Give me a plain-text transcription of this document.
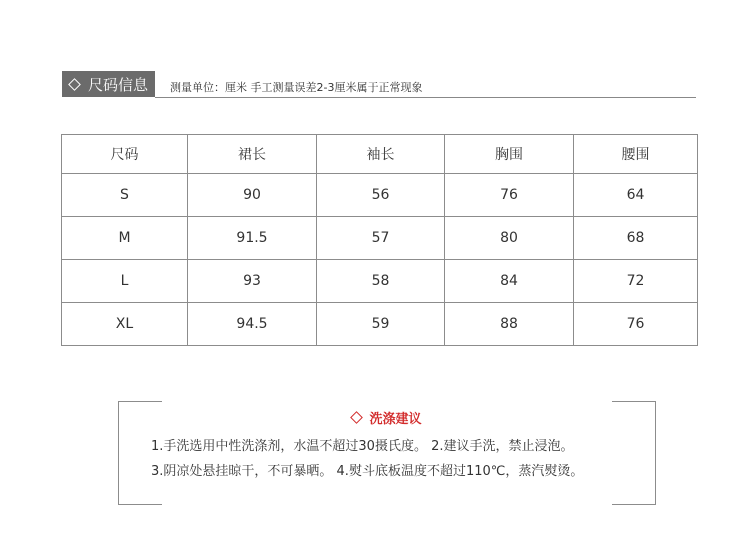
尺码信息 测量单位：厘米 手工测量误差2-3厘米属于正常现象
尺码	裙长	袖长	胸围	腰围
S	90	56	76	64
M	91.5	57	80	68
L	93	58	84	72
XL	94.5	59	88	76
洗涤建议
1.手洗选用中性洗涤剂，水温不超过30摄氏度。 2.建议手洗，禁止浸泡。
3.阴凉处悬挂晾干，不可暴晒。 4.熨斗底板温度不超过110℃，蒸汽熨烫。
